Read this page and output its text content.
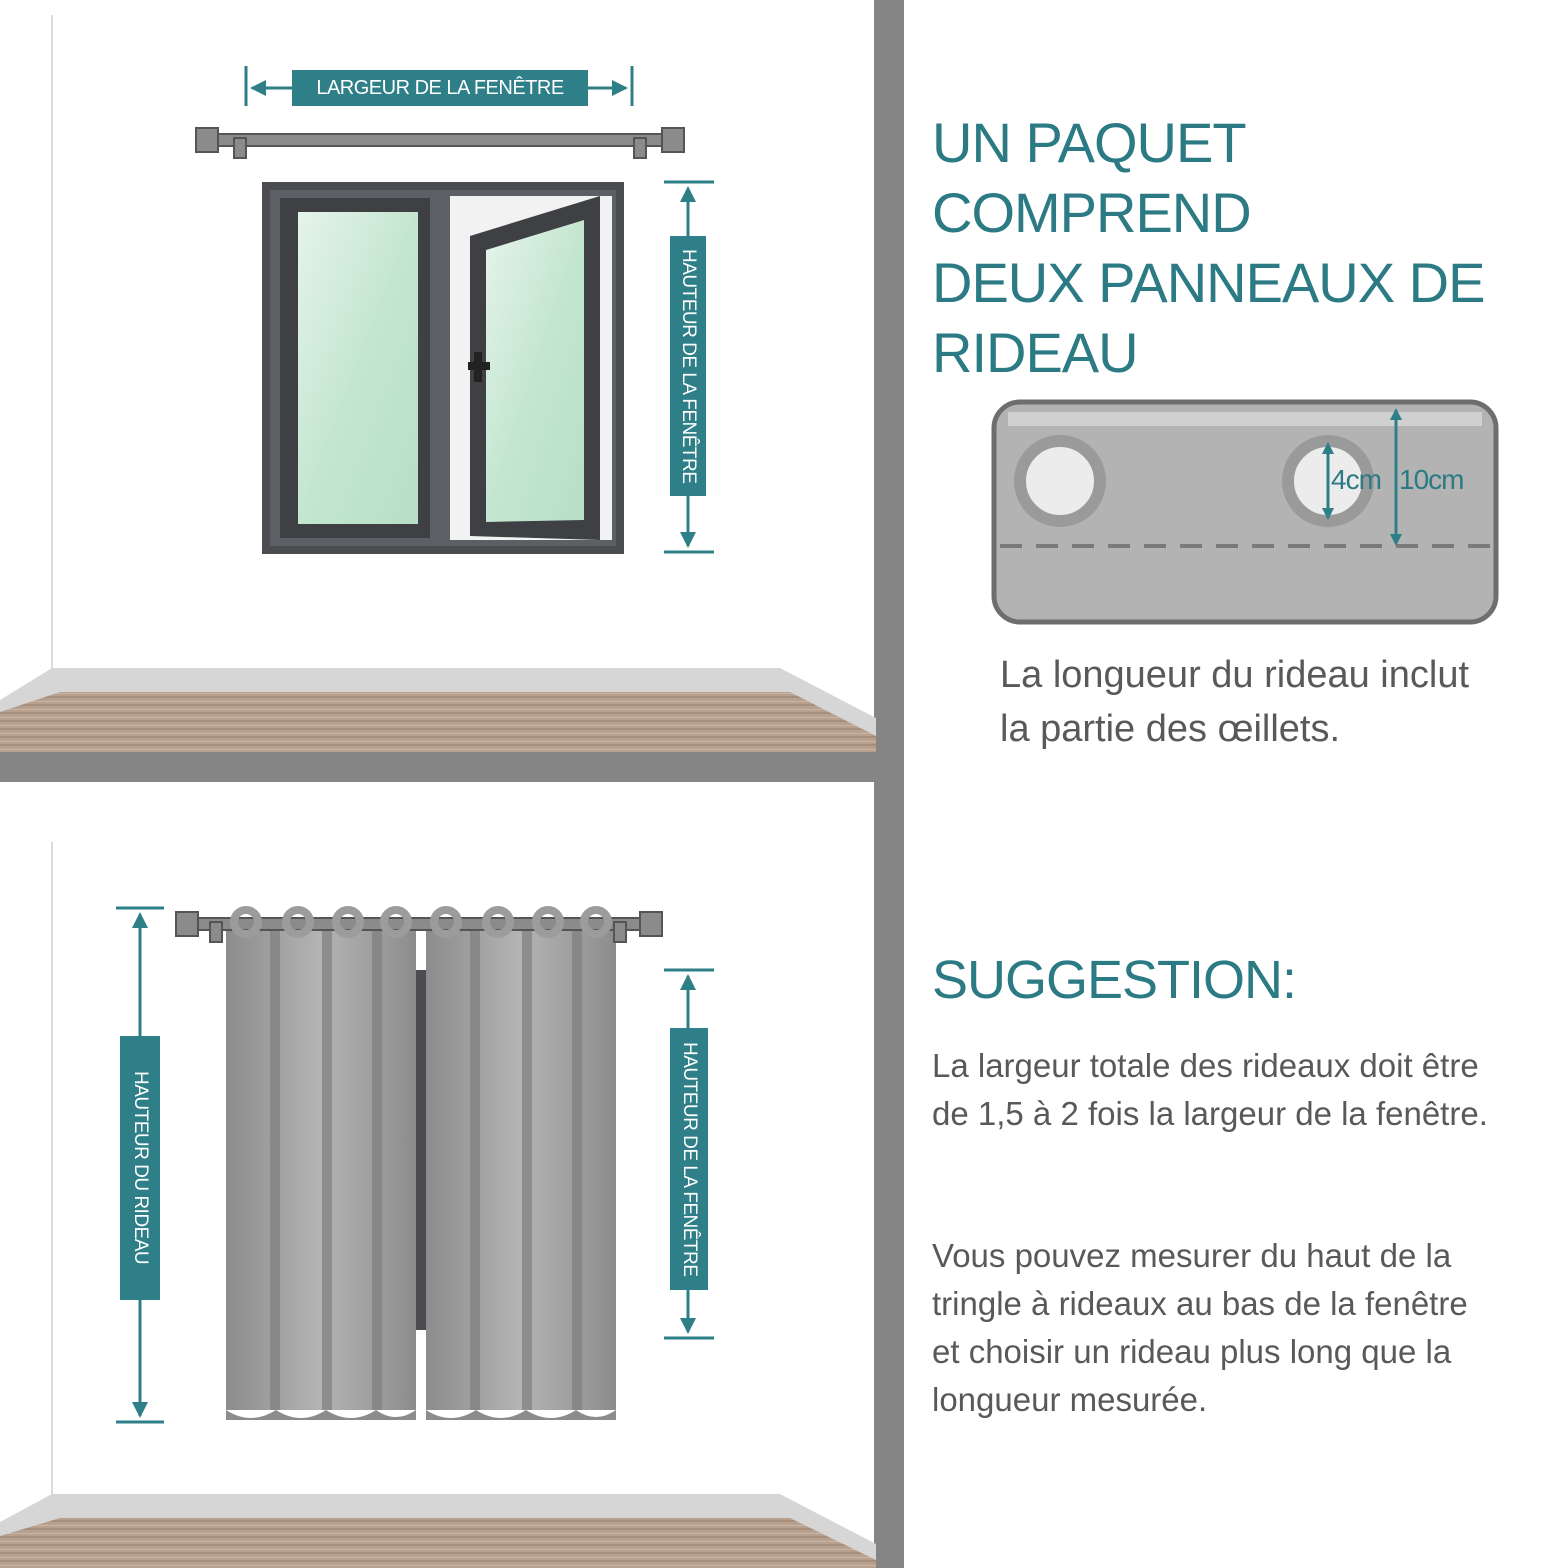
LARGEUR DE LA FENÊTRE
HAUTEUR DE LA FENÊTRE
HAUTEUR DU RIDEAU	HAUTEUR DE LA FENÊTRE
UN PAQUET COMPREND
DEUX PANNEAUX DE
RIDEAU
4cm 10cm
La longueur du rideau inclut
la partie des œillets.
SUGGESTION:
La largeur totale des rideaux doit être
de 1,5 à 2 fois la largeur de la fenêtre.
Vous pouvez mesurer du haut de la
tringle à rideaux au bas de la fenêtre
et choisir un rideau plus long que la
longueur mesurée.
